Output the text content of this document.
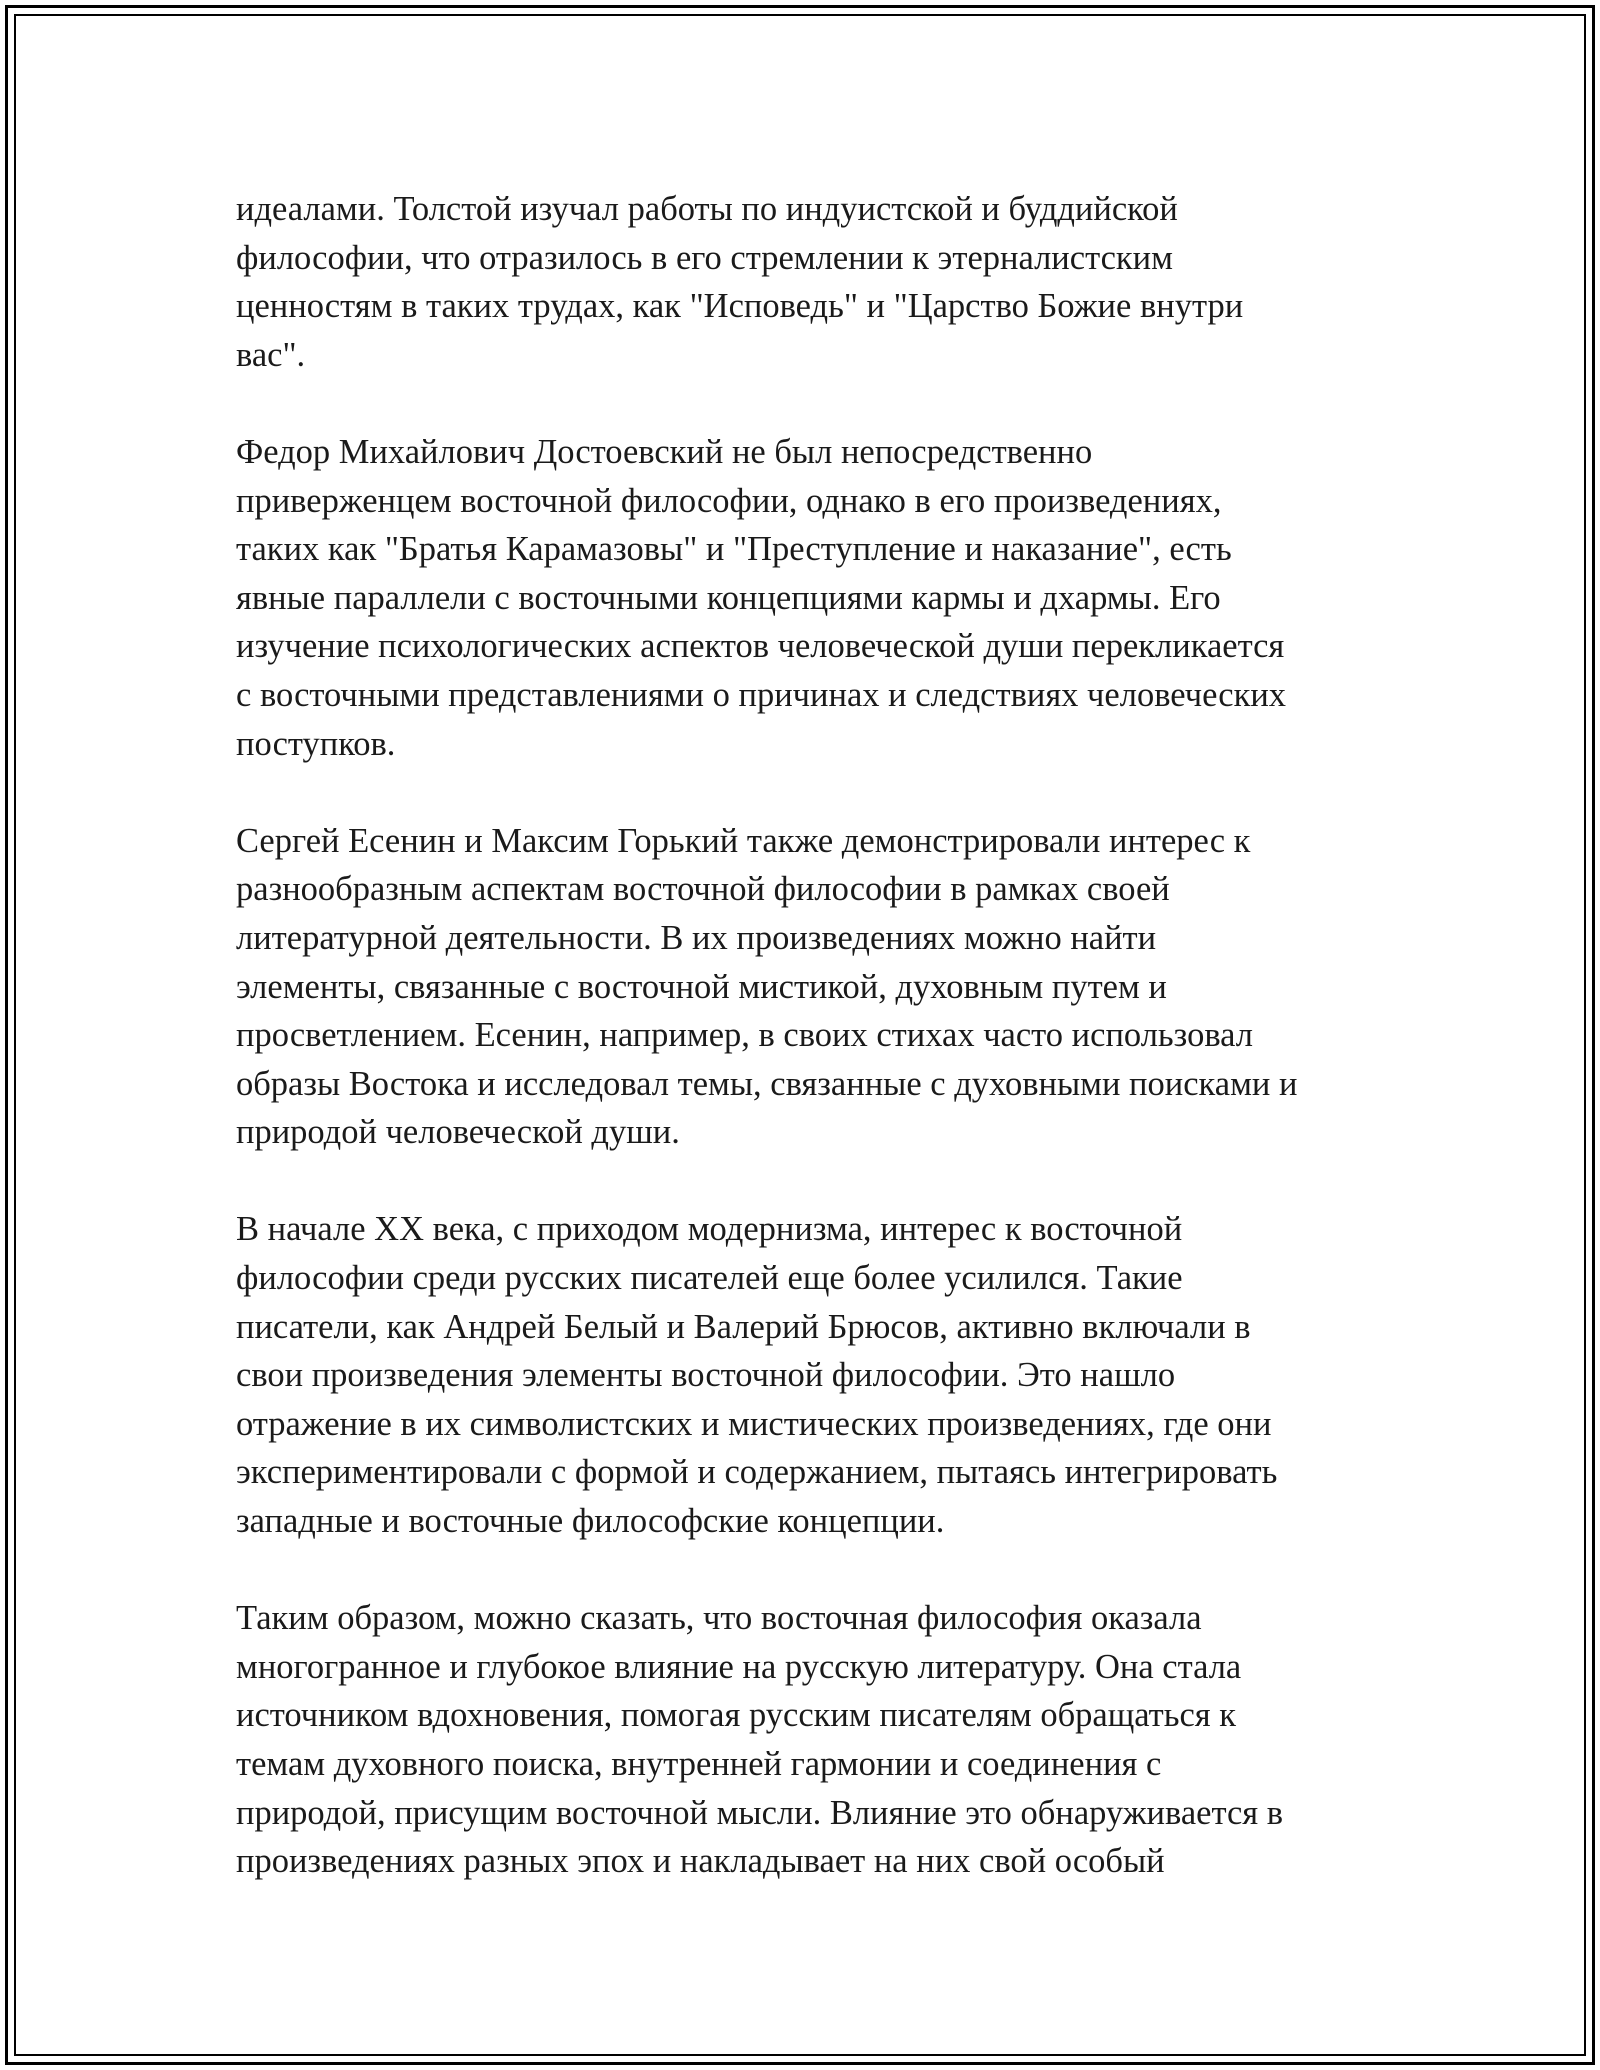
идеалами. Толстой изучал работы по индуистской и буддийской
философии, что отразилось в его стремлении к этерналистским
ценностям в таких трудах, как "Исповедь" и "Царство Божие внутри
вас".
Федор Михайлович Достоевский не был непосредственно
приверженцем восточной философии, однако в его произведениях,
таких как "Братья Карамазовы" и "Преступление и наказание", есть
явные параллели с восточными концепциями кармы и дхармы. Его
изучение психологических аспектов человеческой души перекликается
с восточными представлениями о причинах и следствиях человеческих
поступков.
Сергей Есенин и Максим Горький также демонстрировали интерес к
разнообразным аспектам восточной философии в рамках своей
литературной деятельности. В их произведениях можно найти
элементы, связанные с восточной мистикой, духовным путем и
просветлением. Есенин, например, в своих стихах часто использовал
образы Востока и исследовал темы, связанные с духовными поисками и
природой человеческой души.
В начале XX века, с приходом модернизма, интерес к восточной
философии среди русских писателей еще более усилился. Такие
писатели, как Андрей Белый и Валерий Брюсов, активно включали в
свои произведения элементы восточной философии. Это нашло
отражение в их символистских и мистических произведениях, где они
экспериментировали с формой и содержанием, пытаясь интегрировать
западные и восточные философские концепции.
Таким образом, можно сказать, что восточная философия оказала
многогранное и глубокое влияние на русскую литературу. Она стала
источником вдохновения, помогая русским писателям обращаться к
темам духовного поиска, внутренней гармонии и соединения с
природой, присущим восточной мысли. Влияние это обнаруживается в
произведениях разных эпох и накладывает на них свой особый
